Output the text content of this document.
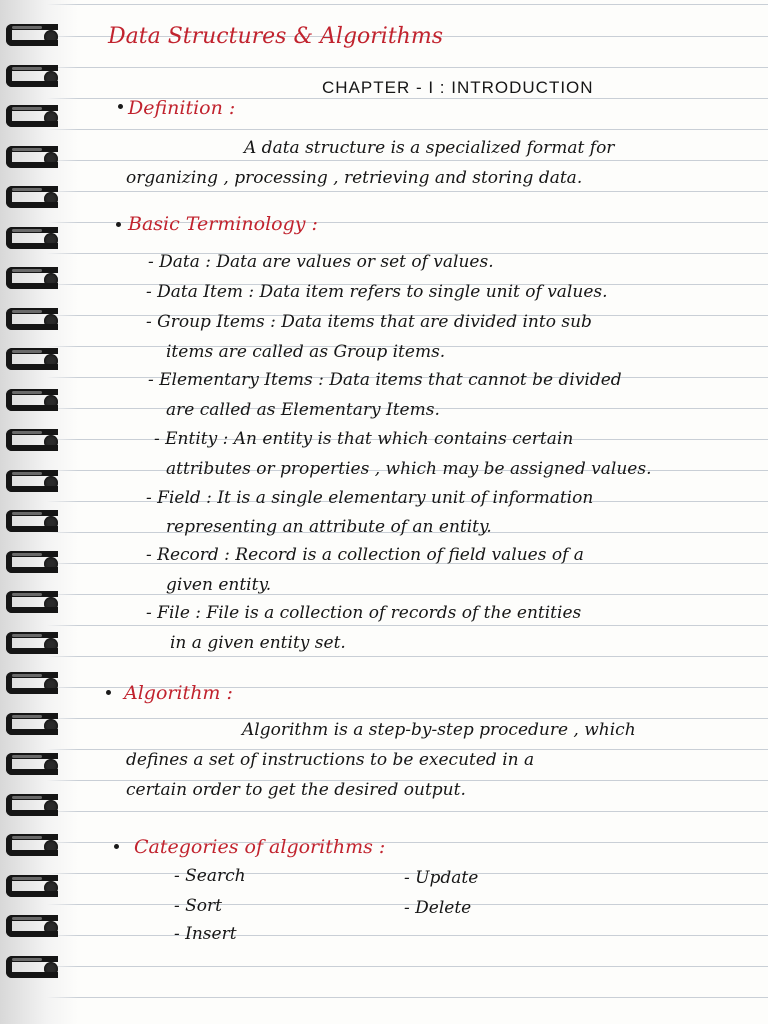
Data Structures & Algorithms
CHAPTER - I : INTRODUCTION
Definition :
A data structure is a specialized format for
organizing , processing , retrieving and storing data.
Basic Terminology :
- Data : Data are values or set of values.
- Data Item : Data item refers to single unit of values.
- Group Items : Data items that are divided into sub
items are called as Group items.
- Elementary Items : Data items that cannot be divided
are called as Elementary Items.
- Entity : An entity is that which contains certain
attributes or properties , which may be assigned values.
- Field : It is a single elementary unit of information
representing an attribute of an entity.
- Record : Record is a collection of field values of a
given entity.
- File : File is a collection of records of the entities
in a given entity set.
Algorithm :
Algorithm is a step-by-step procedure , which
defines a set of instructions to be executed in a
certain order to get the desired output.
Categories of algorithms :
- Search
- Sort
- Insert
- Update
- Delete
